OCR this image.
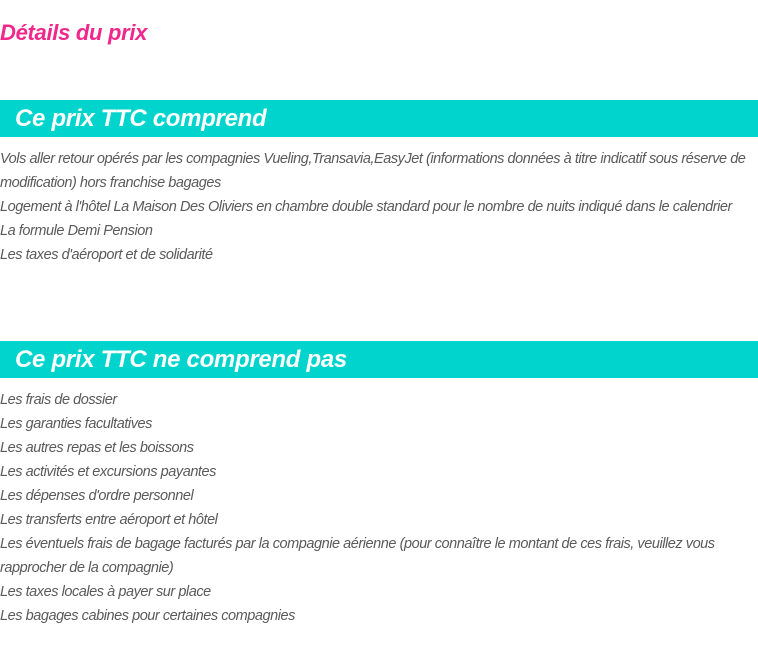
Détails du prix
Ce prix TTC comprend
Vols aller retour opérés par les compagnies Vueling,Transavia,EasyJet (informations données à titre indicatif sous réserve de modification) hors franchise bagages
Logement à l'hôtel La Maison Des Oliviers en chambre double standard pour le nombre de nuits indiqué dans le calendrier
La formule Demi Pension
Les taxes d'aéroport et de solidarité
Ce prix TTC ne comprend pas
Les frais de dossier
Les garanties facultatives
Les autres repas et les boissons
Les activités et excursions payantes
Les dépenses d'ordre personnel
Les transferts entre aéroport et hôtel
Les éventuels frais de bagage facturés par la compagnie aérienne (pour connaître le montant de ces frais, veuillez vous rapprocher de la compagnie)
Les taxes locales à payer sur place
Les bagages cabines pour certaines compagnies
